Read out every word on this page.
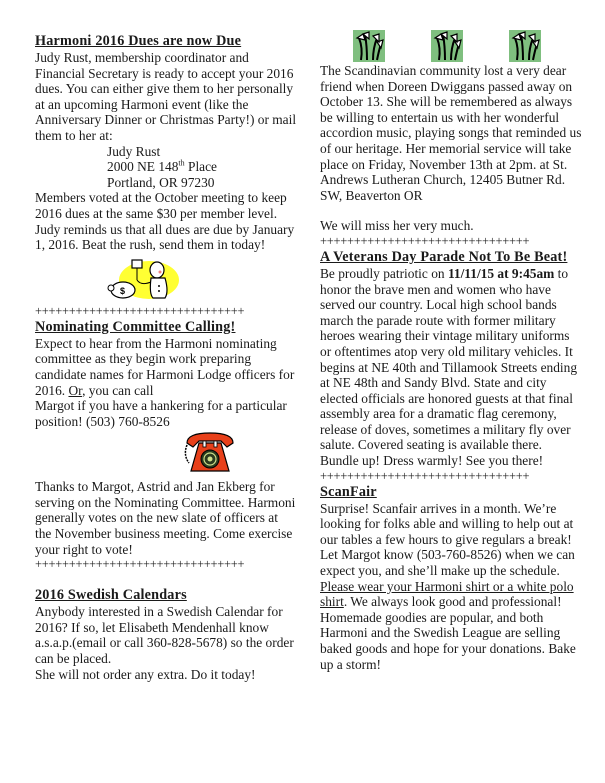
Harmoni 2016 Dues are now Due

Judy Rust, membership coordinator and Financial Secretary is ready to accept your 2016 dues. You can either give them to her personally at an upcoming Harmoni event (like the Anniversary Dinner or Christmas Party!) or mail them to her at:

Judy Rust

2000 NE 148th Place

Portland, OR 97230

Members voted at the October meeting to keep 2016 dues at the same $30 per member level.

Judy reminds us that all dues are due by January 1, 2016. Beat the rush, send them in today!

$
+++++++++++++++++++++++++++++++
Nominating Committee Calling!

Expect to hear from the Harmoni nominating committee as they begin work preparing candidate names for Harmoni Lodge officers for 2016. Or, you can call

Margot if you have a hankering for a particular position! (503) 760-8526

Thanks to Margot, Astrid and Jan Ekberg for serving on the Nominating Committee. Harmoni generally votes on the new slate of officers at the November business meeting. Come exercise your right to vote!

+++++++++++++++++++++++++++++++
2016 Swedish Calendars

Anybody interested in a Swedish Calendar for 2016? If so, let Elisabeth Mendenhall know a.s.a.p.(email or call 360-828-5678) so the order can be placed.

She will not order any extra. Do it today!

The Scandinavian community lost a very dear friend when Doreen Dwiggans passed away on October 13. She will be remembered as always be willing to entertain us with her wonderful accordion music, playing songs that reminded us of our heritage. Her memorial service will take place on Friday, November 13th at 2pm. at St. Andrews Lutheran Church, 12405 Butner Rd. SW, Beaverton OR

We will miss her very much.

+++++++++++++++++++++++++++++++
A Veterans Day Parade Not To Be Beat!

Be proudly patriotic on 11/11/15 at 9:45am to honor the brave men and women who have served our country. Local high school bands march the parade route with former military heroes wearing their vintage military uniforms or oftentimes atop very old military vehicles. It begins at NE 40th and Tillamook Streets ending at NE 48th and Sandy Blvd. State and city elected officials are honored guests at that final assembly area for a dramatic flag ceremony, release of doves, sometimes a military fly over salute. Covered seating is available there.

Bundle up! Dress warmly! See you there!

+++++++++++++++++++++++++++++++
ScanFair

Surprise! Scanfair arrives in a month. We’re looking for folks able and willing to help out at our tables a few hours to give regulars a break! Let Margot know (503-760-8526) when we can expect you, and she’ll make up the schedule. Please wear your Harmoni shirt or a white polo shirt. We always look good and professional! Homemade goodies are popular, and both Harmoni and the Swedish League are selling baked goods and hope for your donations. Bake up a storm!
